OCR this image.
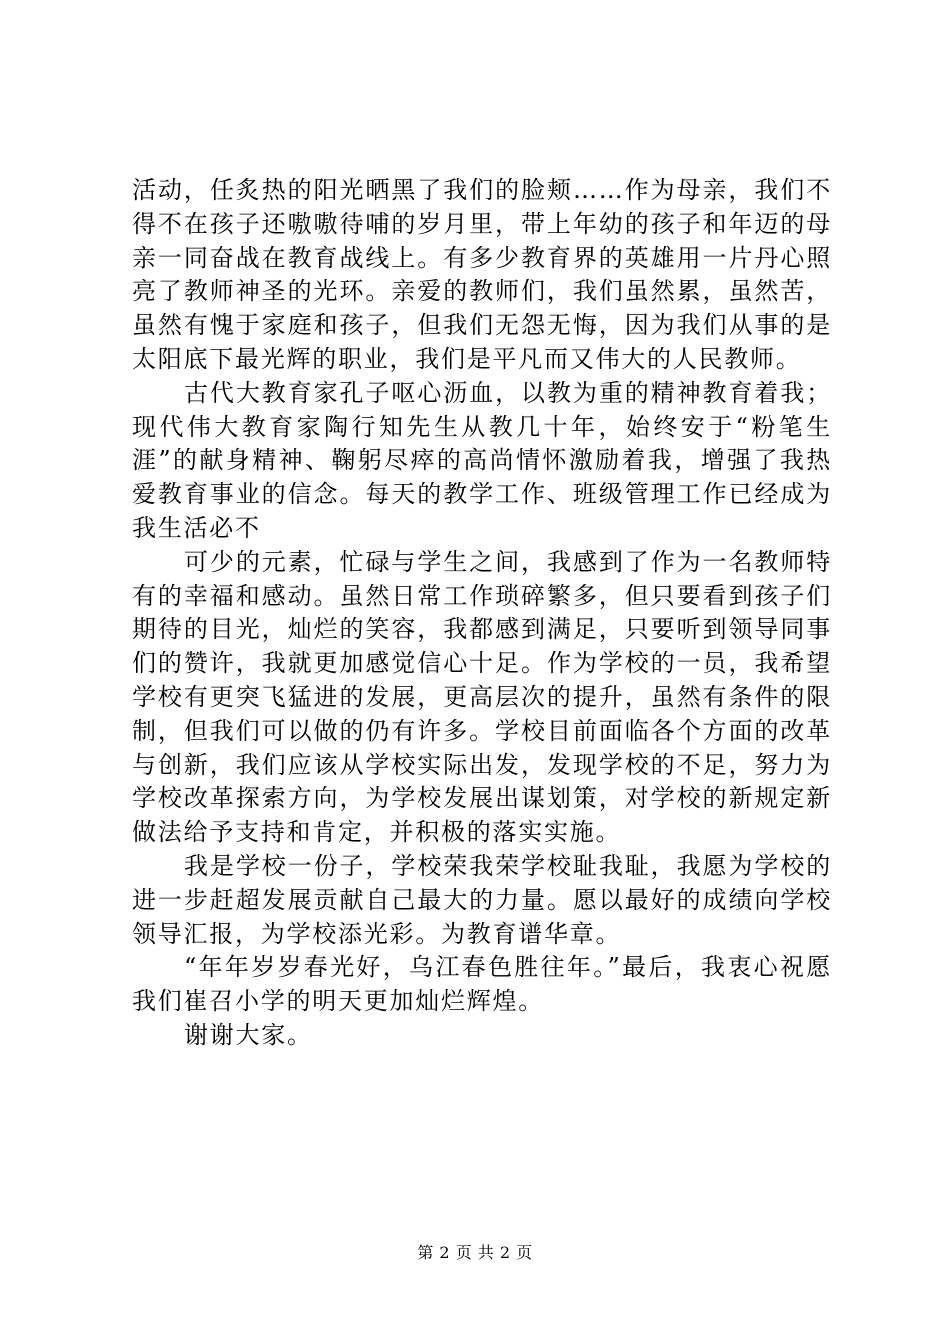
活动，任炙热的阳光晒黑了我们的脸颊……作为母亲，我们不得不在孩子还嗷嗷待哺的岁月里，带上年幼的孩子和年迈的母亲一同奋战在教育战线上。有多少教育界的英雄用一片丹心照亮了教师神圣的光环。亲爱的教师们，我们虽然累，虽然苦，虽然有愧于家庭和孩子，但我们无怨无悔，因为我们从事的是太阳底下最光辉的职业，我们是平凡而又伟大的人民教师。

古代大教育家孔子呕心沥血，以教为重的精神教育着我；现代伟大教育家陶行知先生从教几十年，始终安于“粉笔生涯”的献身精神、鞠躬尽瘁的高尚情怀激励着我，增强了我热爱教育事业的信念。每天的教学工作、班级管理工作已经成为我生活必不

可少的元素，忙碌与学生之间，我感到了作为一名教师特有的幸福和感动。虽然日常工作琐碎繁多，但只要看到孩子们期待的目光，灿烂的笑容，我都感到满足，只要听到领导同事们的赞许，我就更加感觉信心十足。作为学校的一员，我希望学校有更突飞猛进的发展，更高层次的提升，虽然有条件的限制，但我们可以做的仍有许多。学校目前面临各个方面的改革与创新，我们应该从学校实际出发，发现学校的不足，努力为学校改革探索方向，为学校发展出谋划策，对学校的新规定新做法给予支持和肯定，并积极的落实实施。

我是学校一份子，学校荣我荣学校耻我耻，我愿为学校的进一步赶超发展贡献自己最大的力量。愿以最好的成绩向学校领导汇报，为学校添光彩。为教育谱华章。

“年年岁岁春光好，乌江春色胜往年。”最后，我衷心祝愿我们崔召小学的明天更加灿烂辉煌。

谢谢大家。

第 2 页 共 2 页
